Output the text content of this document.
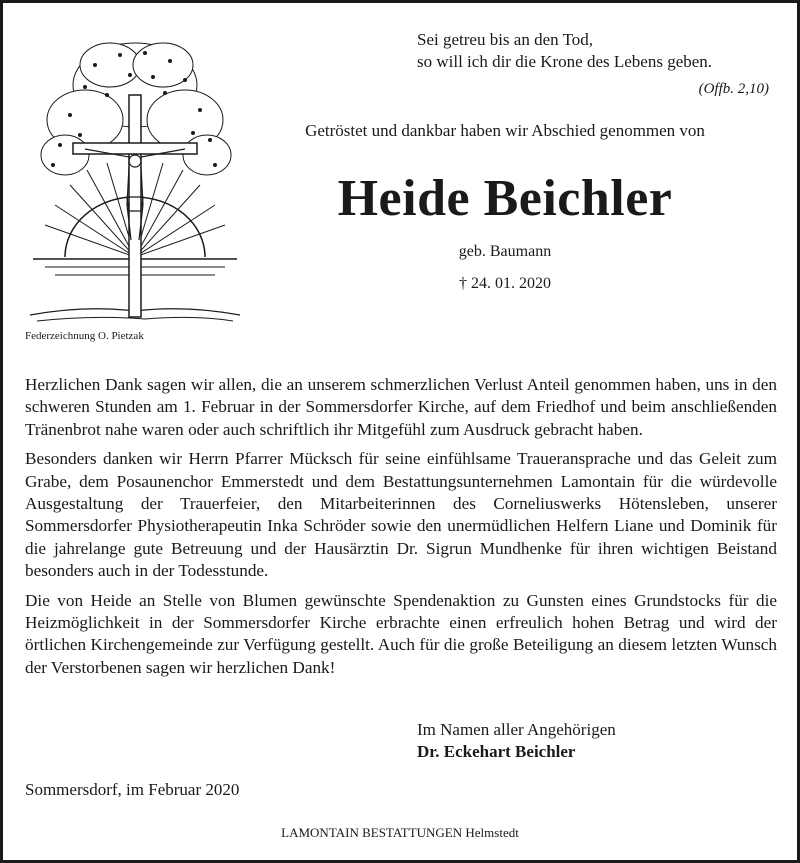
Federzeichnung O. Pietzak
Sei getreu bis an den Tod,
so will ich dir die Krone des Lebens geben.
(Offb. 2,10)
Getröstet und dankbar haben wir Abschied genommen von
Heide Beichler
geb. Baumann
† 24. 01. 2020

Herzlichen Dank sagen wir allen, die an unserem schmerzlichen Verlust Anteil genommen haben, uns in den schweren Stunden am 1. Februar in der Sommersdorfer Kirche, auf dem Friedhof und beim anschließenden Tränenbrot nahe waren oder auch schriftlich ihr Mitgefühl zum Ausdruck gebracht haben.

Besonders danken wir Herrn Pfarrer Mücksch für seine einfühlsame Traueransprache und das Geleit zum Grabe, dem Posaunenchor Emmerstedt und dem Bestattungsunternehmen Lamontain für die würdevolle Ausgestaltung der Trauerfeier, den Mitarbeiterinnen des Corneliuswerks Hötensleben, unserer Sommersdorfer Physiotherapeutin Inka Schröder sowie den unermüdlichen Helfern Liane und Dominik für die jahrelange gute Betreuung und der Hausärztin Dr. Sigrun Mundhenke für ihren wichtigen Beistand besonders auch in der Todesstunde.

Die von Heide an Stelle von Blumen gewünschte Spendenaktion zu Gunsten eines Grundstocks für die Heizmöglichkeit in der Sommersdorfer Kirche erbrachte einen erfreulich hohen Betrag und wird der örtlichen Kirchengemeinde zur Verfügung gestellt. Auch für die große Beteiligung an diesem letzten Wunsch der Verstorbenen sagen wir herzlichen Dank!

Im Namen aller Angehörigen
Dr. Eckehart Beichler
Sommersdorf, im Februar 2020
LAMONTAIN BESTATTUNGEN Helmstedt
